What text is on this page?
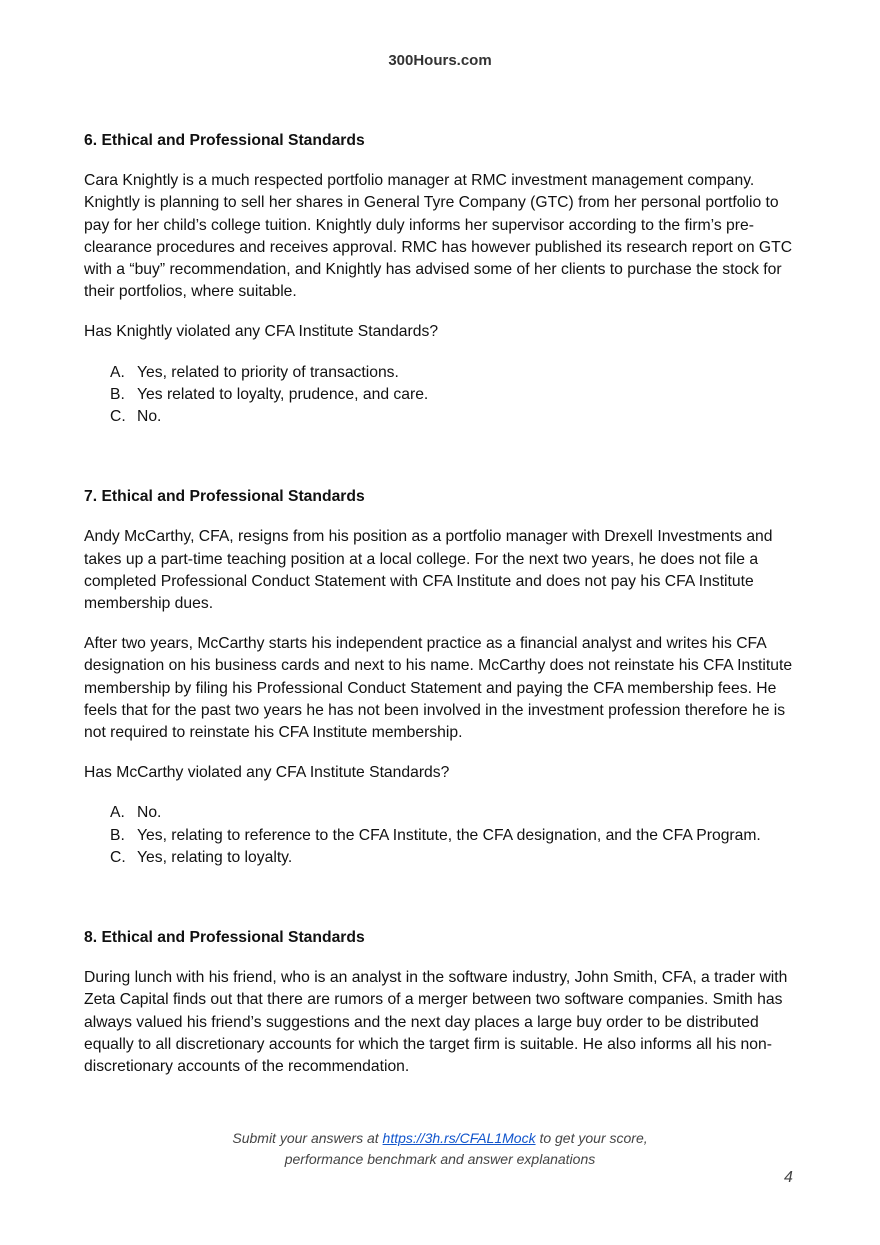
300Hours.com

6. Ethical and Professional Standards

Cara Knightly is a much respected portfolio manager at RMC investment management company. Knightly is planning to sell her shares in General Tyre Company (GTC) from her personal portfolio to pay for her child’s college tuition. Knightly duly informs her supervisor according to the firm’s pre-clearance procedures and receives approval. RMC has however published its research report on GTC with a “buy” recommendation, and Knightly has advised some of her clients to purchase the stock for their portfolios, where suitable.

Has Knightly violated any CFA Institute Standards?

A. Yes, related to priority of transactions.
B. Yes related to loyalty, prudence, and care.
C. No.

7. Ethical and Professional Standards

Andy McCarthy, CFA, resigns from his position as a portfolio manager with Drexell Investments and takes up a part-time teaching position at a local college. For the next two years, he does not file a completed Professional Conduct Statement with CFA Institute and does not pay his CFA Institute membership dues.

After two years, McCarthy starts his independent practice as a financial analyst and writes his CFA designation on his business cards and next to his name. McCarthy does not reinstate his CFA Institute membership by filing his Professional Conduct Statement and paying the CFA membership fees. He feels that for the past two years he has not been involved in the investment profession therefore he is not required to reinstate his CFA Institute membership.

Has McCarthy violated any CFA Institute Standards?

A. No.
B. Yes, relating to reference to the CFA Institute, the CFA designation, and the CFA Program.
C. Yes, relating to loyalty.

8. Ethical and Professional Standards

During lunch with his friend, who is an analyst in the software industry, John Smith, CFA, a trader with Zeta Capital finds out that there are rumors of a merger between two software companies. Smith has always valued his friend’s suggestions and the next day places a large buy order to be distributed equally to all discretionary accounts for which the target firm is suitable. He also informs all his non-discretionary accounts of the recommendation.

Submit your answers at https://3h.rs/CFAL1Mock to get your score,
performance benchmark and answer explanations
4
